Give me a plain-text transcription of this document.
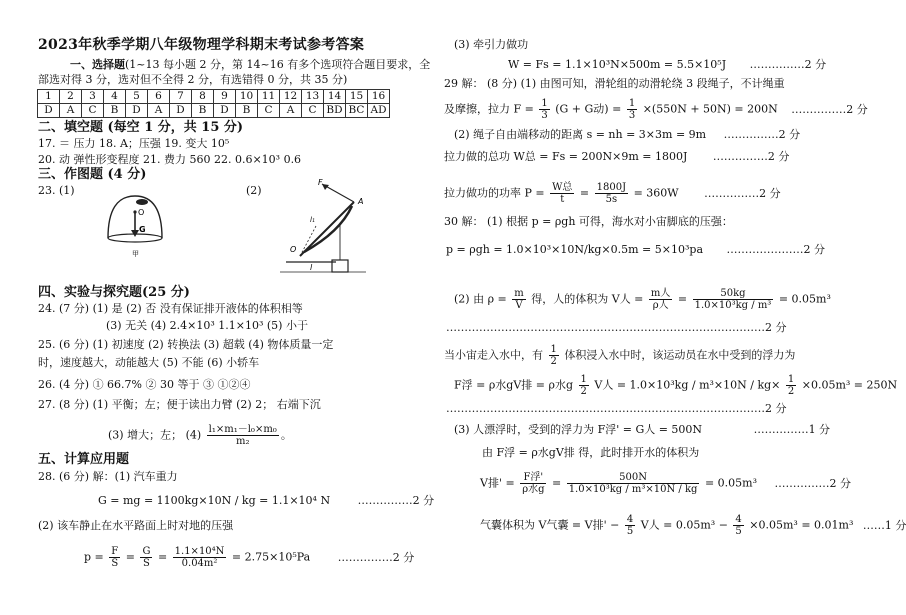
2023年秋季学期八年级物理学科期末考试参考答案
一、选择题(1~13 每小题 2 分，第 14~16 有多个选项符合题目要求，全
部选对得 3 分，选对但不全得 2 分，有选错得 0 分，共 35 分)
1	2	3	4	5	6	7	8	9	10	11	12	13	14	15	16
D	A	C	B	D	A	D	B	D	B	C	A	C	BD	BC	AD
二、填空题 (每空 1 分，共 15 分)
17. ＝ 压力 18. A；压强 19. 变大 10⁵
20. 动 弹性形变程度 21. 费力 560 22. 0.6×10³ 0.6
三、作图题 (4 分)
23. (1)	(2)
O
G
甲
F
A
O
l
l₁
四、实验与探究题(25 分)
24. (7 分) (1) 是 (2) 否 没有保证排开液体的体积相等
(3) 无关 (4) 2.4×10³ 1.1×10³ (5) 小于
25. (6 分) (1) 初速度 (2) 转换法 (3) 超载 (4) 物体质量一定
时，速度越大，动能越大 (5) 不能 (6) 小轿车
26. (4 分) ① 66.7% ② 30 等于 ③ ①②④
27. (8 分) (1) 平衡；左；便于读出力臂 (2) 2； 右端下沉
(3) 增大；左； $(4) \frac{\text{l₁×m₁－l₀×m₀}}{\text{m₂}}$ 。
五、计算应用题
28. (6 分) 解：(1) 汽车重力
G = mg = 1100kg×10N / kg = 1.1×10⁴ N	……………2 分
(2) 该车静止在水平路面上时对地的压强
$p = \frac{F}{S} = \frac{G}{S} = \frac{\text{1.1×10⁴N}}{\text{0.04m²}} = 2.75\times 10^5Pa$	……………2 分
(3) 牵引力做功
W = Fs = 1.1×10³N×500m = 5.5×10⁵J ……………2 分
29 解： (8 分) (1) 由图可知，滑轮组的动滑轮绕 3 段绳子，不计绳重
及摩擦，拉力 $F = \frac{1}{3} (G + G$动) = $\frac{1}{3} \times(550N + 50N) = 200N$ ……………2 分
(2) 绳子自由端移动的距离 s = nh = 3×3m = 9m ……………2 分
拉力做的总功 W总 = Fs = 200N×9m = 1800J ……………2 分
拉力做功的功率 $P = \frac{\text{W总}}{t} = \frac{1800J}{5s} = 360W$ ……………2 分
30 解： (1) 根据 p = ρgh 可得，海水对小宙脚底的压强：
p = ρgh = 1.0×10³×10N/kg×0.5m = 5×10³pa …………………2 分
(2) 由 $\rho = \frac{m}{V}$ 得，人的体积为 V人 = $\frac{\text{m人}}{\text{ρ人}} = \frac{50kg}{\text{1.0×10³kg / m³}} = 0.05m^3$
……………………………………………………………………………2 分
当小宙走入水中，有 $\frac{1}{2}$ 体积浸入水中时，该运动员在水中受到的浮力为
F浮 = ρ水gV排 = ρ水g $\frac{1}{2}$ V人 = $1.0\times 10^3kg / m^3\times 10N / kg\times \frac{1}{2} \times 0.05m^3 = 250N$
……………………………………………………………………………2 分
(3) 人漂浮时，受到的浮力为 F浮' = G人 = 500N	……………1 分
由 F浮 = ρ水gV排 得，此时排开水的体积为
V排' = $\frac{\text{F浮'}}{\text{ρ水g}} = \frac{500N}{\text{1.0×10³kg / m³×10N / kg}} = 0.05m^3$ ……………2 分
气囊体积为 V气囊 = V排' − $\frac{4}{5}$ V人 = $0.05m^3 - \frac{4}{5} \times 0.05m^3 = 0.01m^3$ ……1 分
